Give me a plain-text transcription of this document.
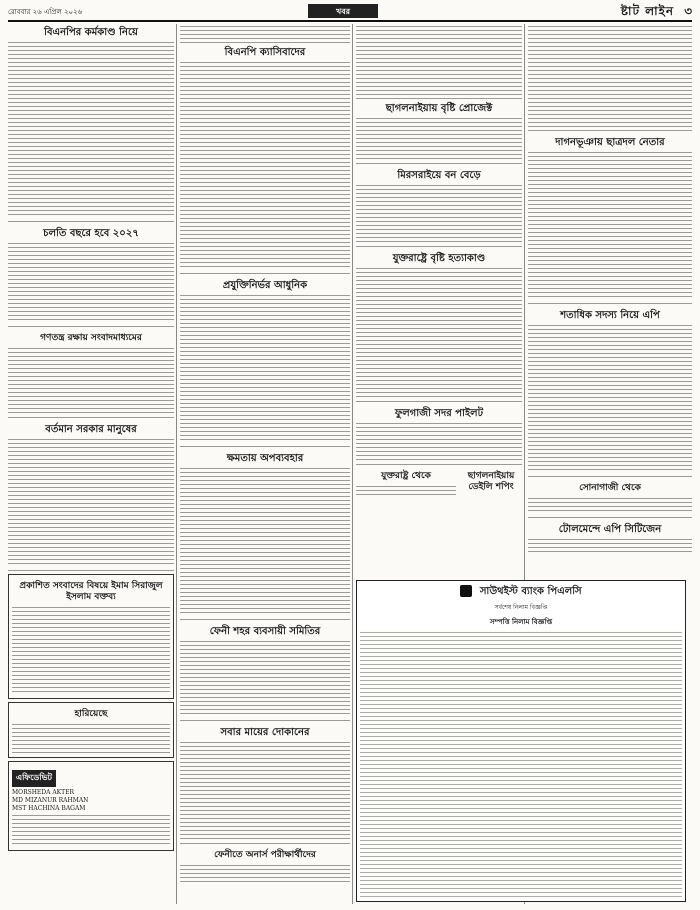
রোববার ২৬ এপ্রিল ২০২৬	খবর	ষ্টাট লাইন ৩
বিএনপির কর্মকাণ্ড নিয়ে
চলতি বছরে হবে ২০২৭
গণতন্ত্র রক্ষায় সংবাদমাধ্যমের
বর্তমান সরকার মানুষের
প্রকাশিত সংবাদের বিষয়ে ইমাম সিরাজুল ইসলাম বক্তব্য
হারিয়েছে
এফিডেভিট
MORSHEDA AKTER
MD MIZANUR RAHMAN
MST HACHINA BAGAM
বিএনপি ক্যাসিবাদের
প্রযুক্তিনির্ভর আধুনিক
ক্ষমতায় অপব্যবহার
ফেনী শহর ব্যবসায়ী সমিতির
সবার মায়ের দোকানের
ফেনীতে অনার্স পরীক্ষার্থীদের
ছাগলনাইয়ায় বৃষ্টি প্রোজেক্ট
মিরসরাইয়ে বন বেড়ে
যুক্তরাষ্ট্রে বৃষ্টি হত্যাকাণ্ড
ফুলগাজী সদর পাইলট
যুক্তরাষ্ট্র থেকে	ছাগলনাইয়ায় ডেইলি শপিং
দাগনভূঞায় ছাত্রদল নেতার
শতাধিক সদস্য নিয়ে এপি
সোনাগাজী থেকে
টোলমেন্দে এপি সিটিজেন
সাউথইস্ট ব্যাংক পিএলসি
সর্বশেষ নিলাম বিজ্ঞপ্তি
সম্পত্তি নিলাম বিজ্ঞপ্তি
